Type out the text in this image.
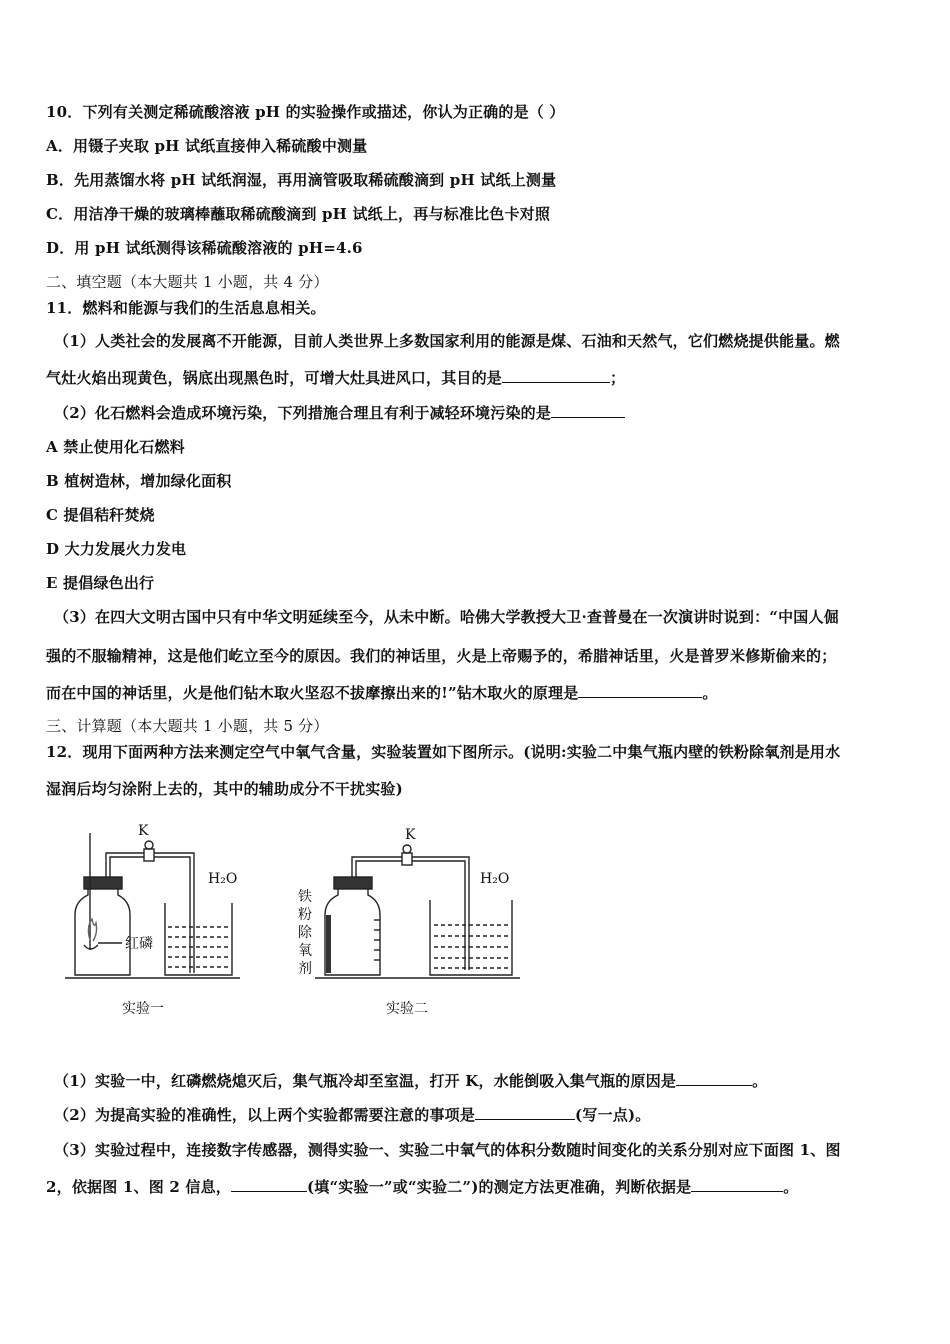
10．下列有关测定稀硫酸溶液 pH 的实验操作或描述，你认为正确的是（ ）
A．用镊子夹取 pH 试纸直接伸入稀硫酸中测量
B．先用蒸馏水将 pH 试纸润湿，再用滴管吸取稀硫酸滴到 pH 试纸上测量
C．用洁净干燥的玻璃棒蘸取稀硫酸滴到 pH 试纸上，再与标准比色卡对照
D．用 pH 试纸测得该稀硫酸溶液的 pH=4.6
二、填空题（本大题共 1 小题，共 4 分）
11．燃料和能源与我们的生活息息相关。
（1）人类社会的发展离不开能源，目前人类世界上多数国家利用的能源是煤、石油和天然气，它们燃烧提供能量。燃
气灶火焰出现黄色，锅底出现黑色时，可增大灶具进风口，其目的是	；
（2）化石燃料会造成环境污染，下列措施合理且有利于减轻环境污染的是
A 禁止使用化石燃料
B 植树造林，增加绿化面积
C 提倡秸秆焚烧
D 大力发展火力发电
E 提倡绿色出行
（3）在四大文明古国中只有中华文明延续至今，从未中断。哈佛大学教授大卫·查普曼在一次演讲时说到：“中国人倔
强的不服输精神，这是他们屹立至今的原因。我们的神话里，火是上帝赐予的，希腊神话里，火是普罗米修斯偷来的；
而在中国的神话里，火是他们钻木取火坚忍不拔摩擦出来的!”钻木取火的原理是	。
三、计算题（本大题共 1 小题，共 5 分）
12．现用下面两种方法来测定空气中氧气含量，实验装置如下图所示。(说明:实验二中集气瓶内壁的铁粉除氧剂是用水
湿润后均匀涂附上去的，其中的辅助成分不干扰实验)
K
H₂O
红磷
实验一
K
H₂O
铁
粉
除
氧
剂
实验二
（1）实验一中，红磷燃烧熄灭后，集气瓶冷却至室温，打开 K，水能倒吸入集气瓶的原因是	。
（2）为提高实验的准确性，以上两个实验都需要注意的事项是	(写一点)。
（3）实验过程中，连接数字传感器，测得实验一、实验二中氧气的体积分数随时间变化的关系分别对应下面图 1、图
2，依据图 1、图 2 信息，	(填“实验一”或“实验二”)的测定方法更准确，判断依据是	。
